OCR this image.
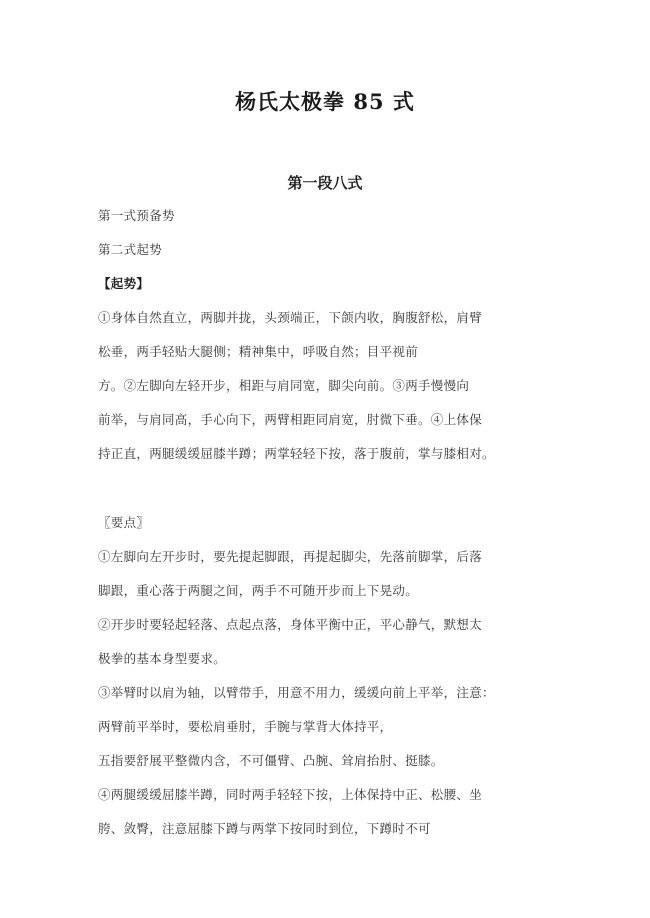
杨氏太极拳 85 式
第一段八式
第一式预备势
第二式起势
【起势】
①身体自然直立，两脚并拢，头颈端正，下颌内收，胸腹舒松，肩臂
松垂，两手轻贴大腿侧；精神集中，呼吸自然；目平视前
方。②左脚向左轻开步，相距与肩同宽，脚尖向前。③两手慢慢向
前举，与肩同高，手心向下，两臂相距同肩宽，肘微下垂。④上体保
持正直，两腿缓缓屈膝半蹲；两掌轻轻下按，落于腹前，掌与膝相对。
〖要点〗
①左脚向左开步时，要先提起脚跟，再提起脚尖，先落前脚掌，后落
脚跟，重心落于两腿之间，两手不可随开步而上下晃动。
②开步时要轻起轻落、点起点落，身体平衡中正，平心静气，默想太
极拳的基本身型要求。
③举臂时以肩为轴，以臂带手，用意不用力，缓缓向前上平举，注意：
两臂前平举时，要松肩垂肘，手腕与掌背大体持平，
五指要舒展平整微内含，不可僵臂、凸腕、耸肩抬肘、挺膝。
④两腿缓缓屈膝半蹲，同时两手轻轻下按，上体保持中正、松腰、坐
胯、敛臀，注意屈膝下蹲与两掌下按同时到位，下蹲时不可
